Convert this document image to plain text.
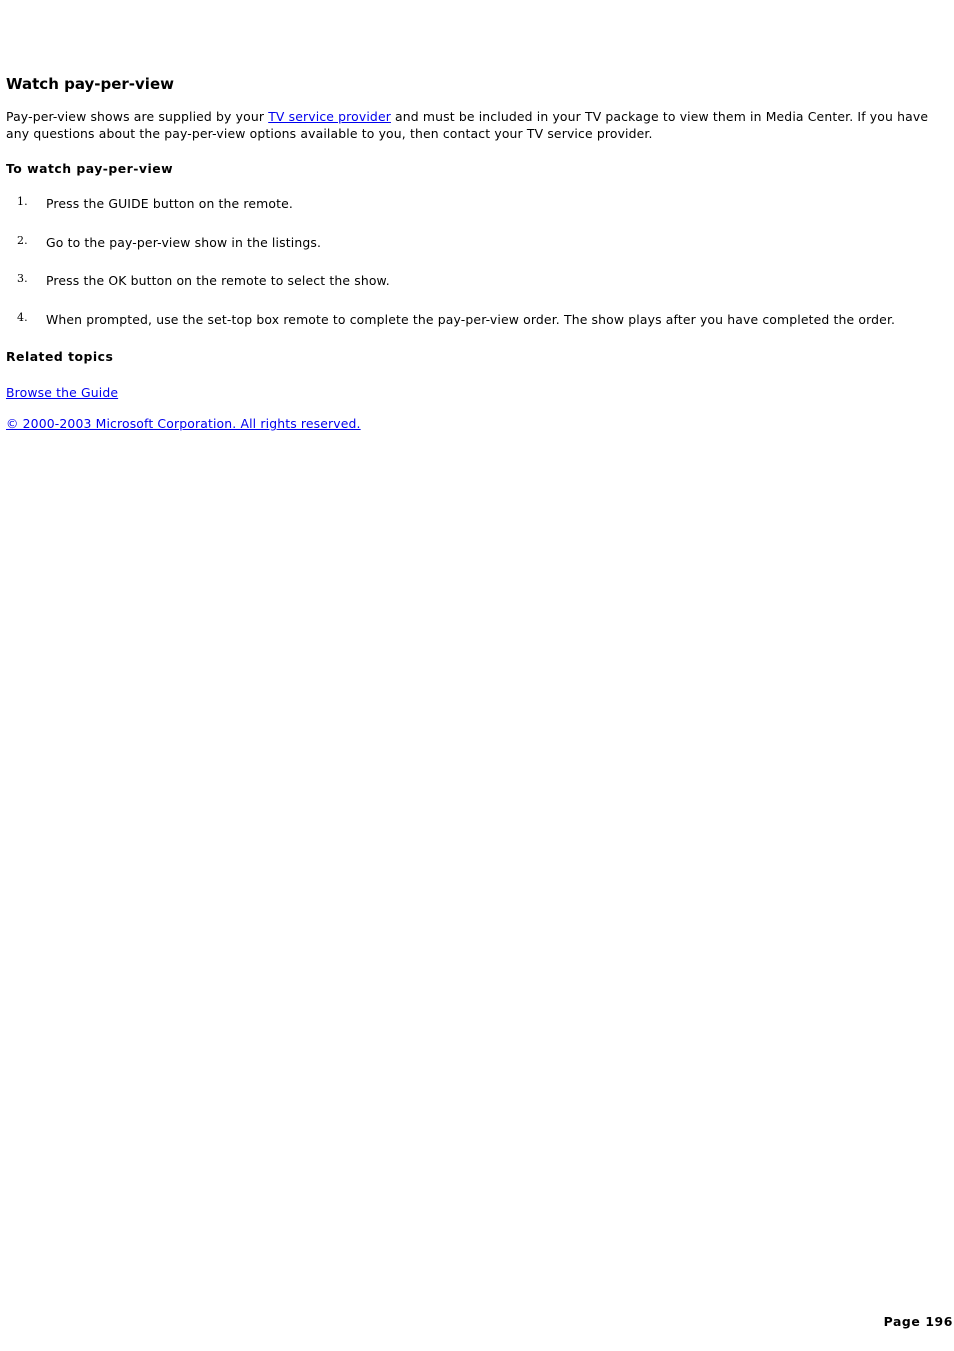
Watch pay-per-view

Pay-per-view shows are supplied by your TV service provider and must be included in your TV package to view them in Media Center. If you have any questions about the pay-per-view options available to you, then contact your TV service provider.

To watch pay-per-view
1. Press the GUIDE button on the remote.
2. Go to the pay-per-view show in the listings.
3. Press the OK button on the remote to select the show.
4. When prompted, use the set-top box remote to complete the pay-per-view order. The show plays after you have completed the order.
Related topics

Browse the Guide

© 2000-2003 Microsoft Corporation. All rights reserved.

Page 196
